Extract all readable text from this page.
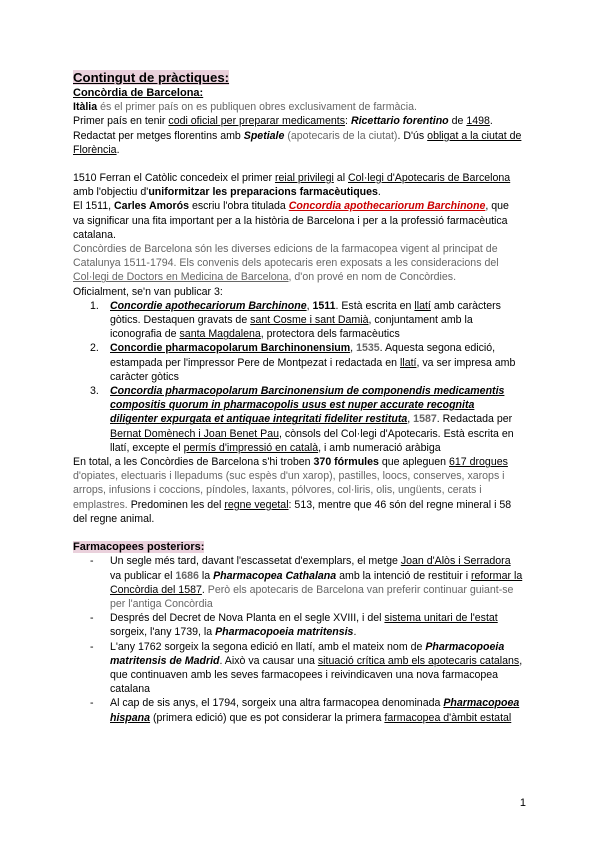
Contingut de pràctiques:

Concòrdia de Barcelona:

Itàlia és el primer país on es publiquen obres exclusivament de farmàcia.

Primer país en tenir codi oficial per preparar medicaments: Ricettario forentino de 1498.

Redactat per metges florentins amb Spetiale (apotecaris de la ciutat). D'ús obligat a la ciutat de Florència.

1510 Ferran el Catòlic concedeix el primer reial privilegi al Col·legi d'Apotecaris de Barcelona amb l'objectiu d'uniformitzar les preparacions farmacèutiques.

El 1511, Carles Amorós escriu l'obra titulada Concordia apothecariorum Barchinone, que va significar una fita important per a la història de Barcelona i per a la professió farmacèutica catalana.

Concòrdies de Barcelona són les diverses edicions de la farmacopea vigent al principat de Catalunya 1511-1794. Els convenis dels apotecaris eren exposats a les consideracions del Col·legi de Doctors en Medicina de Barcelona, d'on prové en nom de Concòrdies.

Oficialment, se'n van publicar 3:

1. Concordie apothecariorum Barchinone, 1511. Està escrita en llatí amb caràcters gòtics. Destaquen gravats de sant Cosme i sant Damià, conjuntament amb la iconografia de santa Magdalena, protectora dels farmacèutics
2. Concordie pharmacopolarum Barchinonensium, 1535. Aquesta segona edició, estampada per l'impressor Pere de Montpezat i redactada en llatí, va ser impresa amb caràcter gòtics
3. Concordia pharmacopolarum Barcinonensium de componendis medicamentis compositis quorum in pharmacopolis usus est nuper accurate recognita diligenter expurgata et antiquae integritati fideliter restituta, 1587. Redactada per Bernat Domènech i Joan Benet Pau, cònsols del Col·legi d'Apotecaris. Està escrita en llatí, excepte el permís d'impressió en català, i amb numeració aràbiga

En total, a les Concòrdies de Barcelona s'hi troben 370 fórmules que apleguen 617 drogues d'opiates, electuaris i llepadums (suc espès d'un xarop), pastilles, loocs, conserves, xarops i arrops, infusions i coccions, píndoles, laxants, pólvores, col·liris, olis, ungüents, cerats i emplastres. Predominen les del regne vegetal: 513, mentre que 46 són del regne mineral i 58 del regne animal.

Farmacopees posteriors:

- Un segle més tard, davant l'escassetat d'exemplars, el metge Joan d'Alòs i Serradora va publicar el 1686 la Pharmacopea Cathalana amb la intenció de restituir i reformar la Concòrdia del 1587. Però els apotecaris de Barcelona van preferir continuar guiant-se per l'antiga Concòrdia
- Després del Decret de Nova Planta en el segle XVIII, i del sistema unitari de l'estat sorgeix, l'any 1739, la Pharmacopoeia matritensis.
- L'any 1762 sorgeix la segona edició en llatí, amb el mateix nom de Pharmacopoeia matritensis de Madrid. Això va causar una situació crítica amb els apotecaris catalans, que continuaven amb les seves farmacopees i reivindicaven una nova farmacopea catalana
- Al cap de sis anys, el 1794, sorgeix una altra farmacopea denominada Pharmacopoea hispana (primera edició) que es pot considerar la primera farmacopea d'àmbit estatal
1
